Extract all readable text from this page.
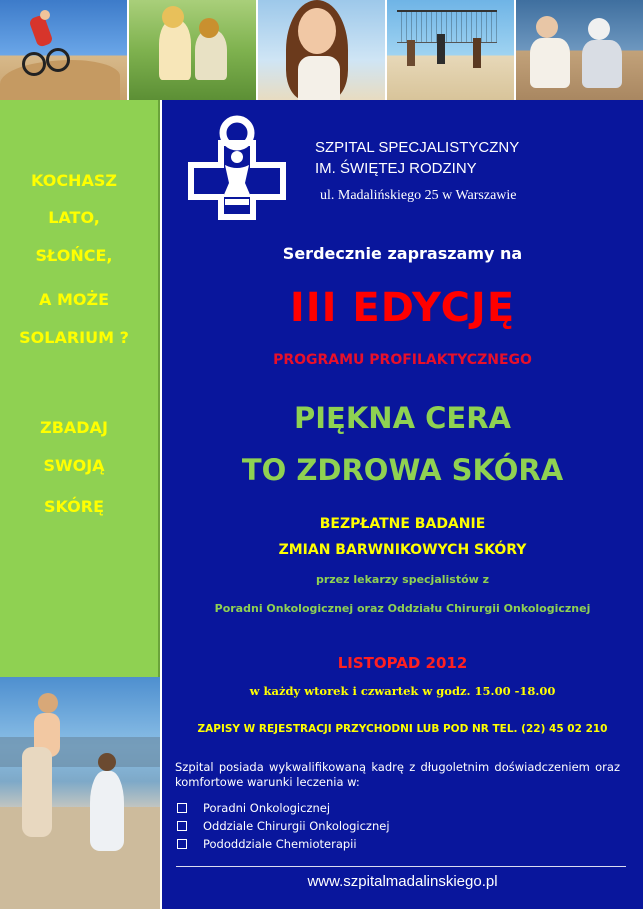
KOCHASZ
LATO,
SŁOŃCE,
A MOŻE
SOLARIUM ?
ZBADAJ
SWOJĄ
SKÓRĘ
SZPITAL SPECJALISTYCZNY
IM. ŚWIĘTEJ RODZINY
ul. Madalińskiego 25 w Warszawie
Serdecznie zapraszamy na
III EDYCJĘ
PROGRAMU PROFILAKTYCZNEGO
PIĘKNA CERA
TO ZDROWA SKÓRA
BEZPŁATNE BADANIE
ZMIAN BARWNIKOWYCH SKÓRY
przez lekarzy specjalistów z
Poradni Onkologicznej oraz Oddziału Chirurgii Onkologicznej
LISTOPAD 2012
w każdy wtorek i czwartek w godz. 15.00 -18.00
ZAPISY W REJESTRACJI PRZYCHODNI LUB POD NR TEL. (22) 45 02 210
Szpital posiada wykwalifikowaną kadrę z długoletnim doświadczeniem oraz komfortowe warunki leczenia w:
Poradni Onkologicznej
Oddziale Chirurgii Onkologicznej
Pododdziale Chemioterapii
www.szpitalmadalinskiego.pl
